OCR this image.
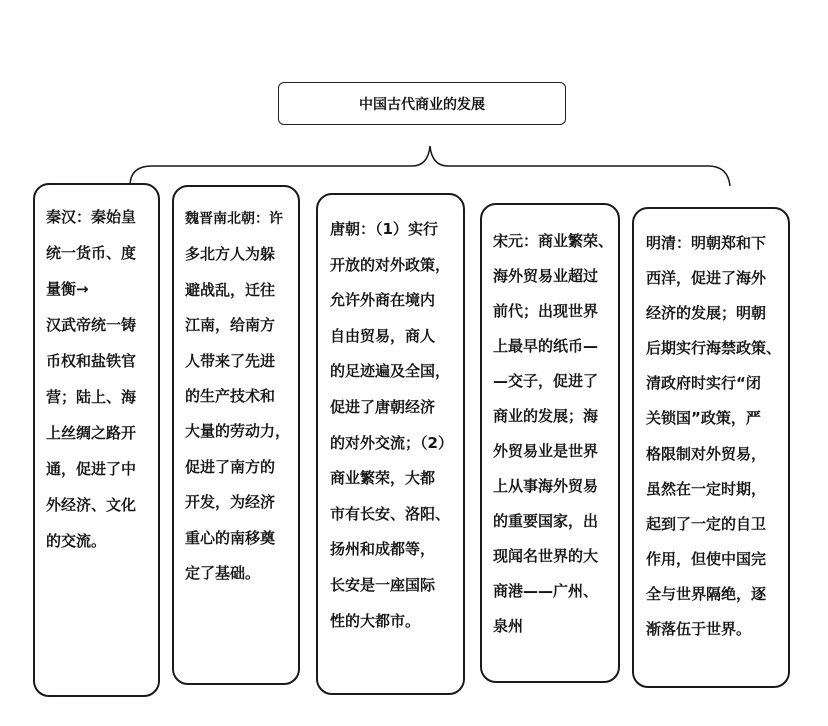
中国古代商业的发展
秦汉：秦始皇
统一货币、度
量衡→
汉武帝统一铸
币权和盐铁官
营；陆上、海
上丝绸之路开
通，促进了中
外经济、文化
的交流。
魏晋南北朝：许
多北方人为躲
避战乱，迁往
江南，给南方
人带来了先进
的生产技术和
大量的劳动力，
促进了南方的
开发，为经济
重心的南移奠
定了基础。
唐朝：（1）实行
开放的对外政策，
允许外商在境内
自由贸易，商人
的足迹遍及全国，
促进了唐朝经济
的对外交流；（2）
商业繁荣，大都
市有长安、洛阳、
扬州和成都等，
长安是一座国际
性的大都市。
宋元：商业繁荣、
海外贸易业超过
前代；出现世界
上最早的纸币—
—交子，促进了
商业的发展；海
外贸易业是世界
上从事海外贸易
的重要国家，出
现闻名世界的大
商港——广州、
泉州
明清：明朝郑和下
西洋，促进了海外
经济的发展；明朝
后期实行海禁政策、
清政府时实行“闭
关锁国”政策，严
格限制对外贸易，
虽然在一定时期，
起到了一定的自卫
作用，但使中国完
全与世界隔绝，逐
渐落伍于世界。
